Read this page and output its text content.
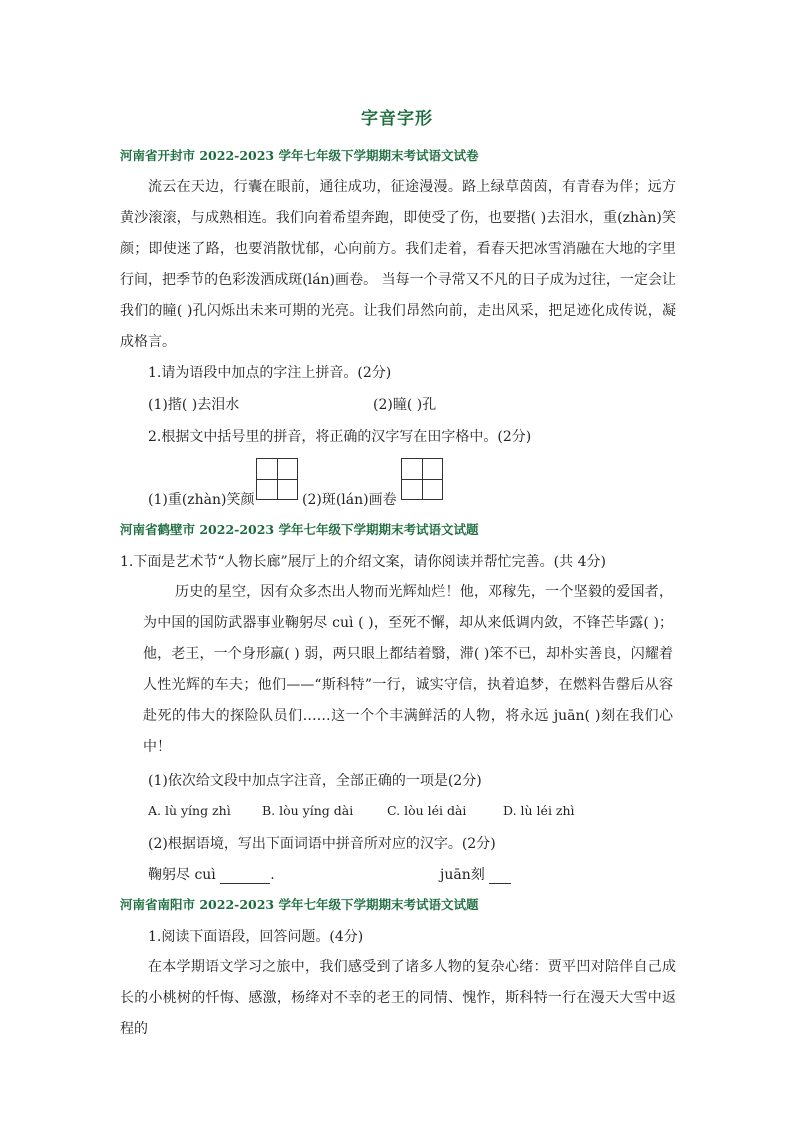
字音字形
河南省开封市 2022-2023 学年七年级下学期期末考试语文试卷
流云在天边，行囊在眼前，通往成功，征途漫漫。路上绿草茵茵，有青春为伴；远方黄沙滚滚，与成熟相连。我们向着希望奔跑，即使受了伤，也要揩( )去泪水，重(zhàn)笑颜；即使迷了路，也要消散忧郁，心向前方。我们走着，看春天把冰雪消融在大地的字里行间，把季节的色彩泼洒成斑(lán)画卷。 当每一个寻常又不凡的日子成为过往，一定会让我们的瞳( )孔闪烁出未来可期的光亮。让我们昂然向前，走出风采，把足迹化成传说，凝成格言。
1.请为语段中加点的字注上拼音。(2分)
(1)揩( )去泪水	(2)瞳( )孔
2.根据文中括号里的拼音，将正确的汉字写在田字格中。(2分)
(1)重(zhàn)笑颜	(2)斑(lán)画卷
河南省鹤壁市 2022-2023 学年七年级下学期期末考试语文试题
1.下面是艺术节“人物长廊”展厅上的介绍文案，请你阅读并帮忙完善。(共 4分)
历史的星空，因有众多杰出人物而光辉灿烂！他，邓稼先，一个坚毅的爱国者，为中国的国防武器事业鞠躬尽 cuì ( )，至死不懈，却从来低调内敛，不锋芒毕露( )；他，老王，一个身形羸( ) 弱，两只眼上都结着翳，滞( )笨不已，却朴实善良，闪耀着人性光辉的车夫；他们——“斯科特”一行，诚实守信，执着追梦，在燃料告罄后从容赴死的伟大的探险队员们……这一个个丰满鲜活的人物，将永远 juān( )刻在我们心中！
(1)依次给文段中加点字注音，全部正确的一项是(2分)
A. lù yíng zhì	B. lòu yíng dài	C. lòu léi dài	D. lù léi zhì
(2)根据语境，写出下面词语中拼音所对应的汉字。(2分)
鞠躬尽 cuì	.	juān刻
河南省南阳市 2022-2023 学年七年级下学期期末考试语文试题
1.阅读下面语段，回答问题。(4分)
在本学期语文学习之旅中，我们感受到了诸多人物的复杂心绪：贾平凹对陪伴自己成长的小桃树的忏悔、感激，杨绛对不幸的老王的同情、愧怍，斯科特一行在漫天大雪中返程的
